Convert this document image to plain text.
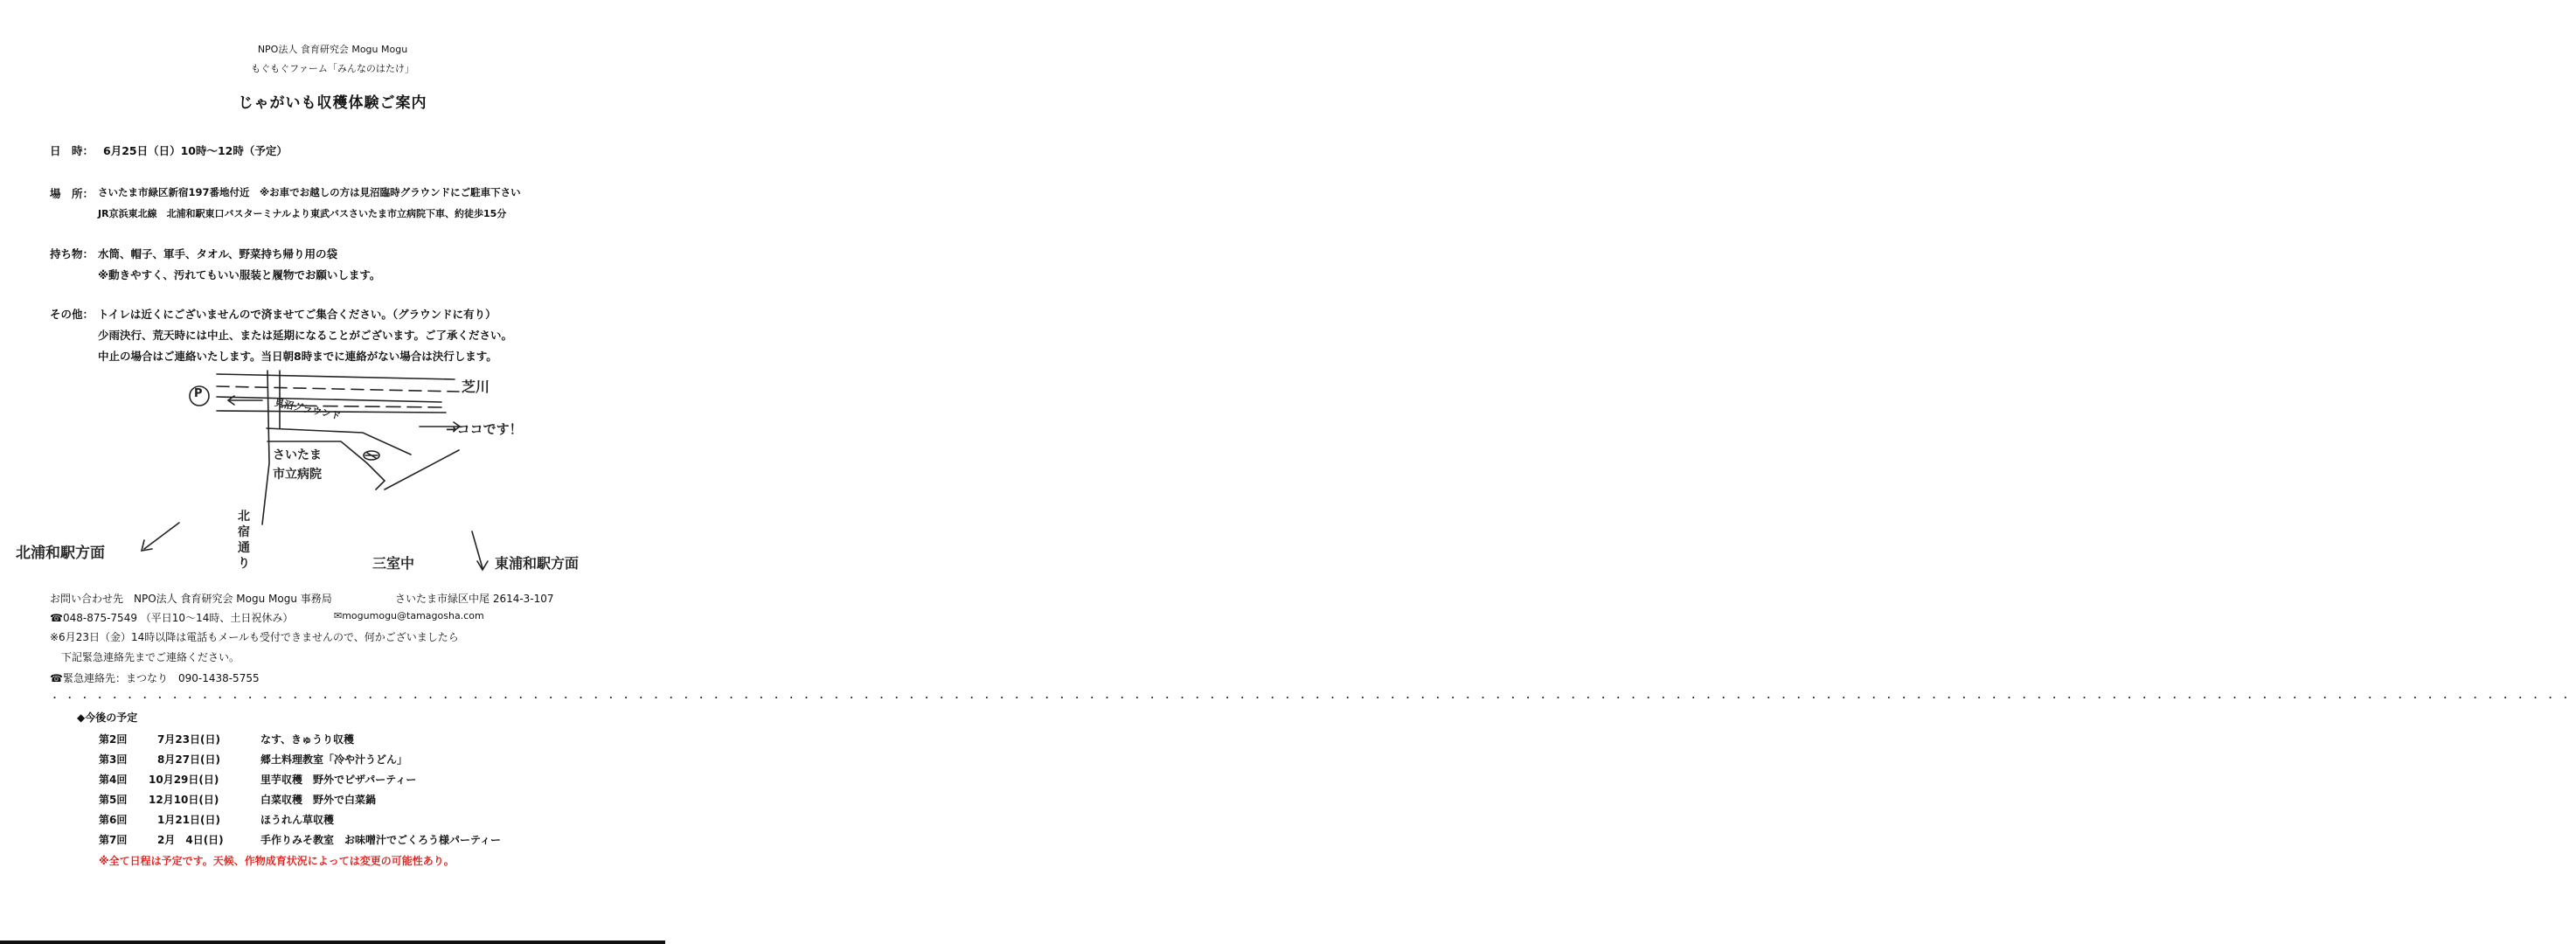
NPO法人 食育研究会 Mogu Mogu
もぐもぐファーム「みんなのはたけ」
じゃがいも収穫体験ご案内
日　時： 6月25日（日）10時〜12時（予定）
場　所： さいたま市緑区新宿197番地付近　※お車でお越しの方は見沼臨時グラウンドにご駐車下さい
JR京浜東北線　北浦和駅東口バスターミナルより東武バスさいたま市立病院下車、約徒歩15分
持ち物： 水筒、帽子、軍手、タオル、野菜持ち帰り用の袋
※動きやすく、汚れてもいい服装と履物でお願いします。
その他： トイレは近くにございませんので済ませてご集合ください。（グラウンドに有り）
少雨決行、荒天時には中止、または延期になることがございます。ご了承ください。
中止の場合はご連絡いたします。当日朝8時までに連絡がない場合は決行します。
P	芝川
見沼グラウンド
→ココです！
さいたま
市立病院
北宿通り
北浦和駅方面
三室中	東浦和駅方面
お問い合わせ先　NPO法人 食育研究会 Mogu Mogu 事務局	さいたま市緑区中尾 2614-3-107
☎048-875-7549 （平日10〜14時、土日祝休み）	✉mogumogu@tamagosha.com
※6月23日（金）14時以降は電話もメールも受付できませんので、何かございましたら
下記緊急連絡先までご連絡ください。
☎緊急連絡先：まつなり　090-1438-5755
・・・・・・・・・・・・・・・・・・・・・・・・・・・・・・・・・・・・・・・・・・・・・・・・・・・・・・・・・・・・・・・・・・・・・・・・・・・・・・・・・・・・・・・・・・・・・・・・・・・・・・・・・・・・・・・・・・・・・・・・・・・・・・・・・・・・・・・・・・・・・・・・・・・・・・・・・・・・・・・・・・・・・・・・
◆今後の予定
第2回	7月23日(日)	なす、きゅうり収穫
第3回	8月27日(日)	郷土料理教室「冷や汁うどん」
第4回 10月29日(日)	里芋収穫　野外でピザパーティー
第5回 12月10日(日)	白菜収穫　野外で白菜鍋
第6回	1月21日(日)	ほうれん草収穫
第7回	2月　4日(日)	手作りみそ教室　お味噌汁でごくろう様パーティー
※全て日程は予定です。天候、作物成育状況によっては変更の可能性あり。
